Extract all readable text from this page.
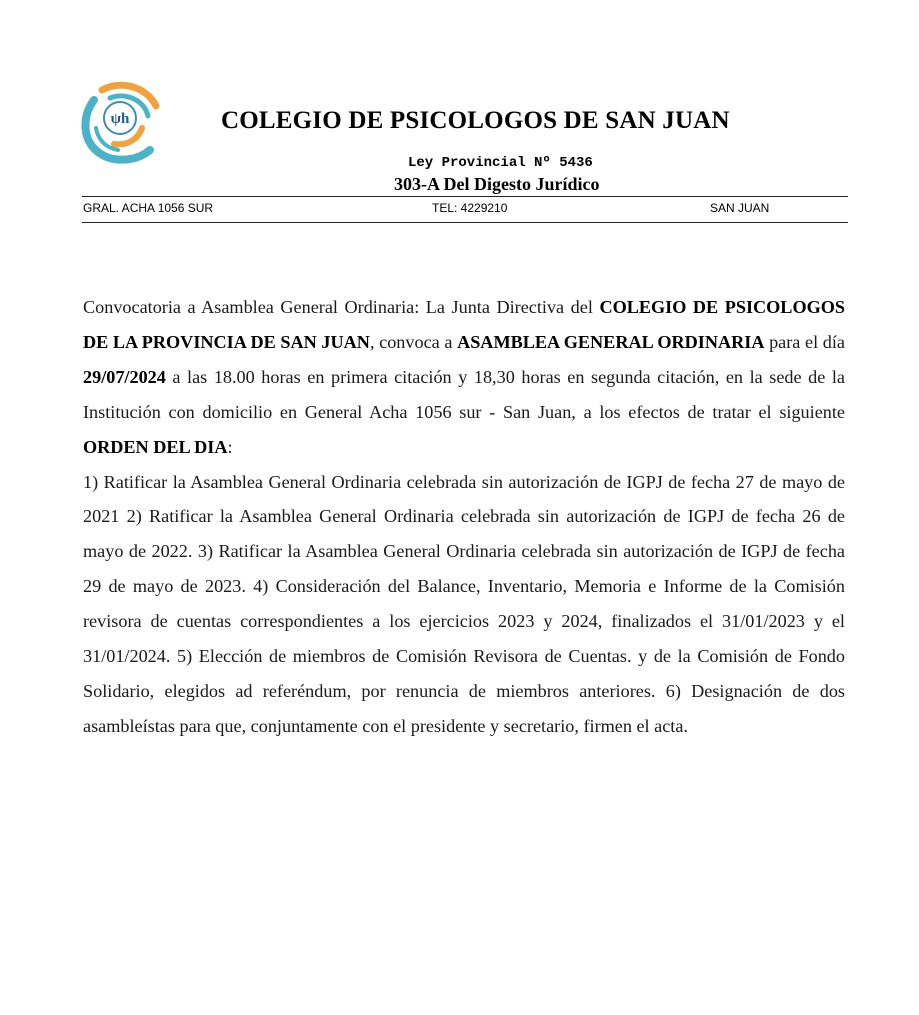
ψh	COLEGIO DE PSICOLOGOS DE SAN JUAN
Ley Provincial Nº 5436
303-A Del Digesto Jurídico
GRAL. ACHA 1056 SUR	TEL: 4229210	SAN JUAN

Convocatoria a Asamblea General Ordinaria: La Junta Directiva del COLEGIO DE PSICOLOGOS DE LA PROVINCIA DE SAN JUAN, convoca a ASAMBLEA GENERAL ORDINARIA para el día 29/07/2024 a las 18.00 horas en primera citación y 18,30 horas en segunda citación, en la sede de la Institución con domicilio en General Acha 1056 sur - San Juan, a los efectos de tratar el siguiente ORDEN DEL DIA:

1) Ratificar la Asamblea General Ordinaria celebrada sin autorización de IGPJ de fecha 27 de mayo de 2021 2) Ratificar la Asamblea General Ordinaria celebrada sin autorización de IGPJ de fecha 26 de mayo de 2022. 3) Ratificar la Asamblea General Ordinaria celebrada sin autorización de IGPJ de fecha 29 de mayo de 2023. 4) Consideración del Balance, Inventario, Memoria e Informe de la Comisión revisora de cuentas correspondientes a los ejercicios 2023 y 2024, finalizados el 31/01/2023 y el 31/01/2024. 5) Elección de miembros de Comisión Revisora de Cuentas. y de la Comisión de Fondo Solidario, elegidos ad referéndum, por renuncia de miembros anteriores. 6) Designación de dos asambleístas para que, conjuntamente con el presidente y secretario, firmen el acta.
